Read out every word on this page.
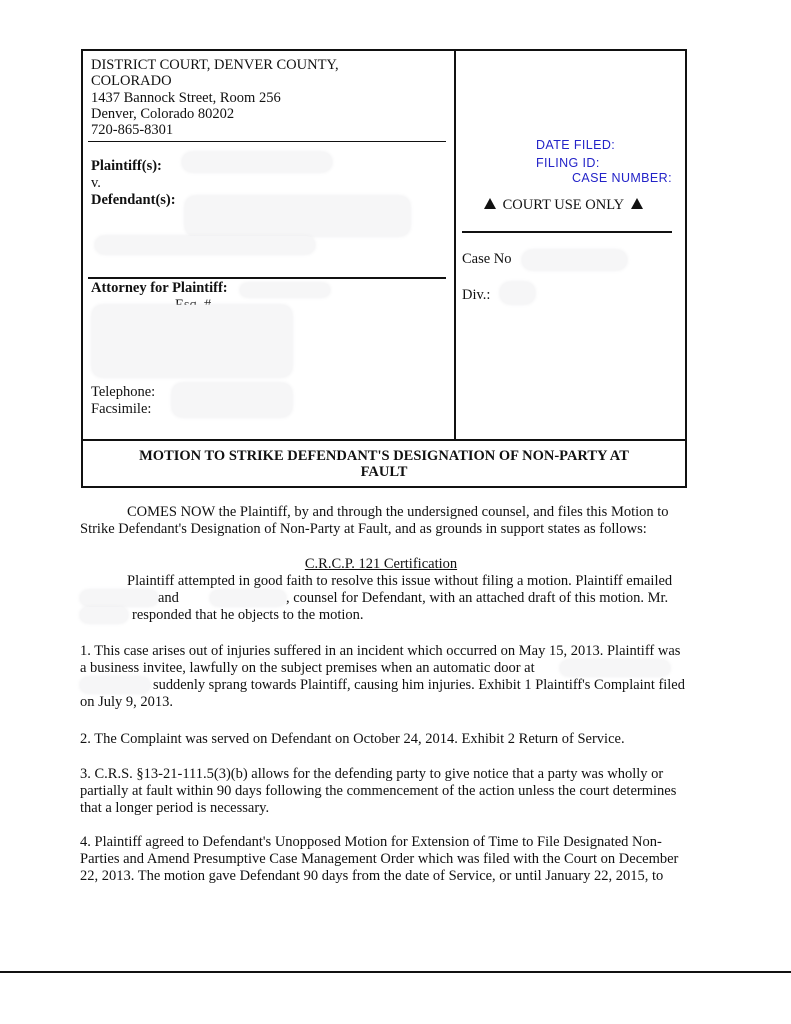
DISTRICT COURT, DENVER COUNTY,
COLORADO
1437 Bannock Street, Room 256
Denver, Colorado 80202
720-865-8301
Plaintiff(s):
v.
Defendant(s):
Attorney for Plaintiff:
Telephone:
Facsimile:
DATE FILED:
FILING ID:
CASE NUMBER:
COURT USE ONLY
Case No
Div.:
MOTION TO STRIKE DEFENDANT'S DESIGNATION OF NON-PARTY AT
FAULT
COMES NOW the Plaintiff, by and through the undersigned counsel, and files this Motion to
Strike Defendant's Designation of Non-Party at Fault, and as grounds in support states as follows:
C.R.C.P. 121 Certification
Plaintiff attempted in good faith to resolve this issue without filing a motion. Plaintiff emailed
and	, counsel for Defendant, with an attached draft of this motion. Mr.
responded that he objects to the motion.
1. This case arises out of injuries suffered in an incident which occurred on May 15, 2013. Plaintiff was
a business invitee, lawfully on the subject premises when an automatic door at
suddenly sprang towards Plaintiff, causing him injuries. Exhibit 1 Plaintiff's Complaint filed
on July 9, 2013.
2. The Complaint was served on Defendant on October 24, 2014. Exhibit 2 Return of Service.
3. C.R.S. §13-21-111.5(3)(b) allows for the defending party to give notice that a party was wholly or
partially at fault within 90 days following the commencement of the action unless the court determines
that a longer period is necessary.
4. Plaintiff agreed to Defendant's Unopposed Motion for Extension of Time to File Designated Non-
Parties and Amend Presumptive Case Management Order which was filed with the Court on December
22, 2013. The motion gave Defendant 90 days from the date of Service, or until January 22, 2015, to
